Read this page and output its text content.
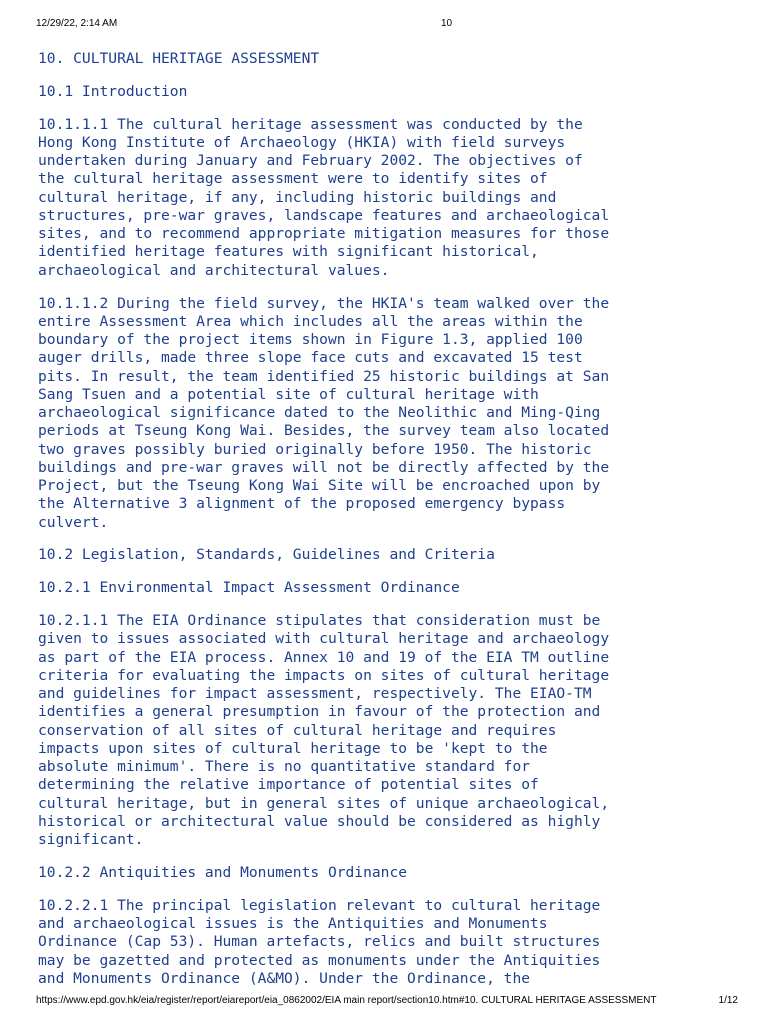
12/29/22, 2:14 AM	10

10. CULTURAL HERITAGE ASSESSMENT

10.1 Introduction

10.1.1.1 The cultural heritage assessment was conducted by the
Hong Kong Institute of Archaeology (HKIA) with field surveys
undertaken during January and February 2002. The objectives of
the cultural heritage assessment were to identify sites of
cultural heritage, if any, including historic buildings and
structures, pre-war graves, landscape features and archaeological
sites, and to recommend appropriate mitigation measures for those
identified heritage features with significant historical,
archaeological and architectural values.

10.1.1.2 During the field survey, the HKIA's team walked over the
entire Assessment Area which includes all the areas within the
boundary of the project items shown in Figure 1.3, applied 100
auger drills, made three slope face cuts and excavated 15 test
pits. In result, the team identified 25 historic buildings at San
Sang Tsuen and a potential site of cultural heritage with
archaeological significance dated to the Neolithic and Ming-Qing
periods at Tseung Kong Wai. Besides, the survey team also located
two graves possibly buried originally before 1950. The historic
buildings and pre-war graves will not be directly affected by the
Project, but the Tseung Kong Wai Site will be encroached upon by
the Alternative 3 alignment of the proposed emergency bypass
culvert.

10.2 Legislation, Standards, Guidelines and Criteria

10.2.1 Environmental Impact Assessment Ordinance

10.2.1.1 The EIA Ordinance stipulates that consideration must be
given to issues associated with cultural heritage and archaeology
as part of the EIA process. Annex 10 and 19 of the EIA TM outline
criteria for evaluating the impacts on sites of cultural heritage
and guidelines for impact assessment, respectively. The EIAO-TM
identifies a general presumption in favour of the protection and
conservation of all sites of cultural heritage and requires
impacts upon sites of cultural heritage to be 'kept to the
absolute minimum'. There is no quantitative standard for
determining the relative importance of potential sites of
cultural heritage, but in general sites of unique archaeological,
historical or architectural value should be considered as highly
significant.

10.2.2 Antiquities and Monuments Ordinance

10.2.2.1 The principal legislation relevant to cultural heritage
and archaeological issues is the Antiquities and Monuments
Ordinance (Cap 53). Human artefacts, relics and built structures
may be gazetted and protected as monuments under the Antiquities
and Monuments Ordinance (A&MO). Under the Ordinance, the

https://www.epd.gov.hk/eia/register/report/eiareport/eia_0862002/EIA main report/section10.htm#10. CULTURAL HERITAGE ASSESSMENT	1/12
